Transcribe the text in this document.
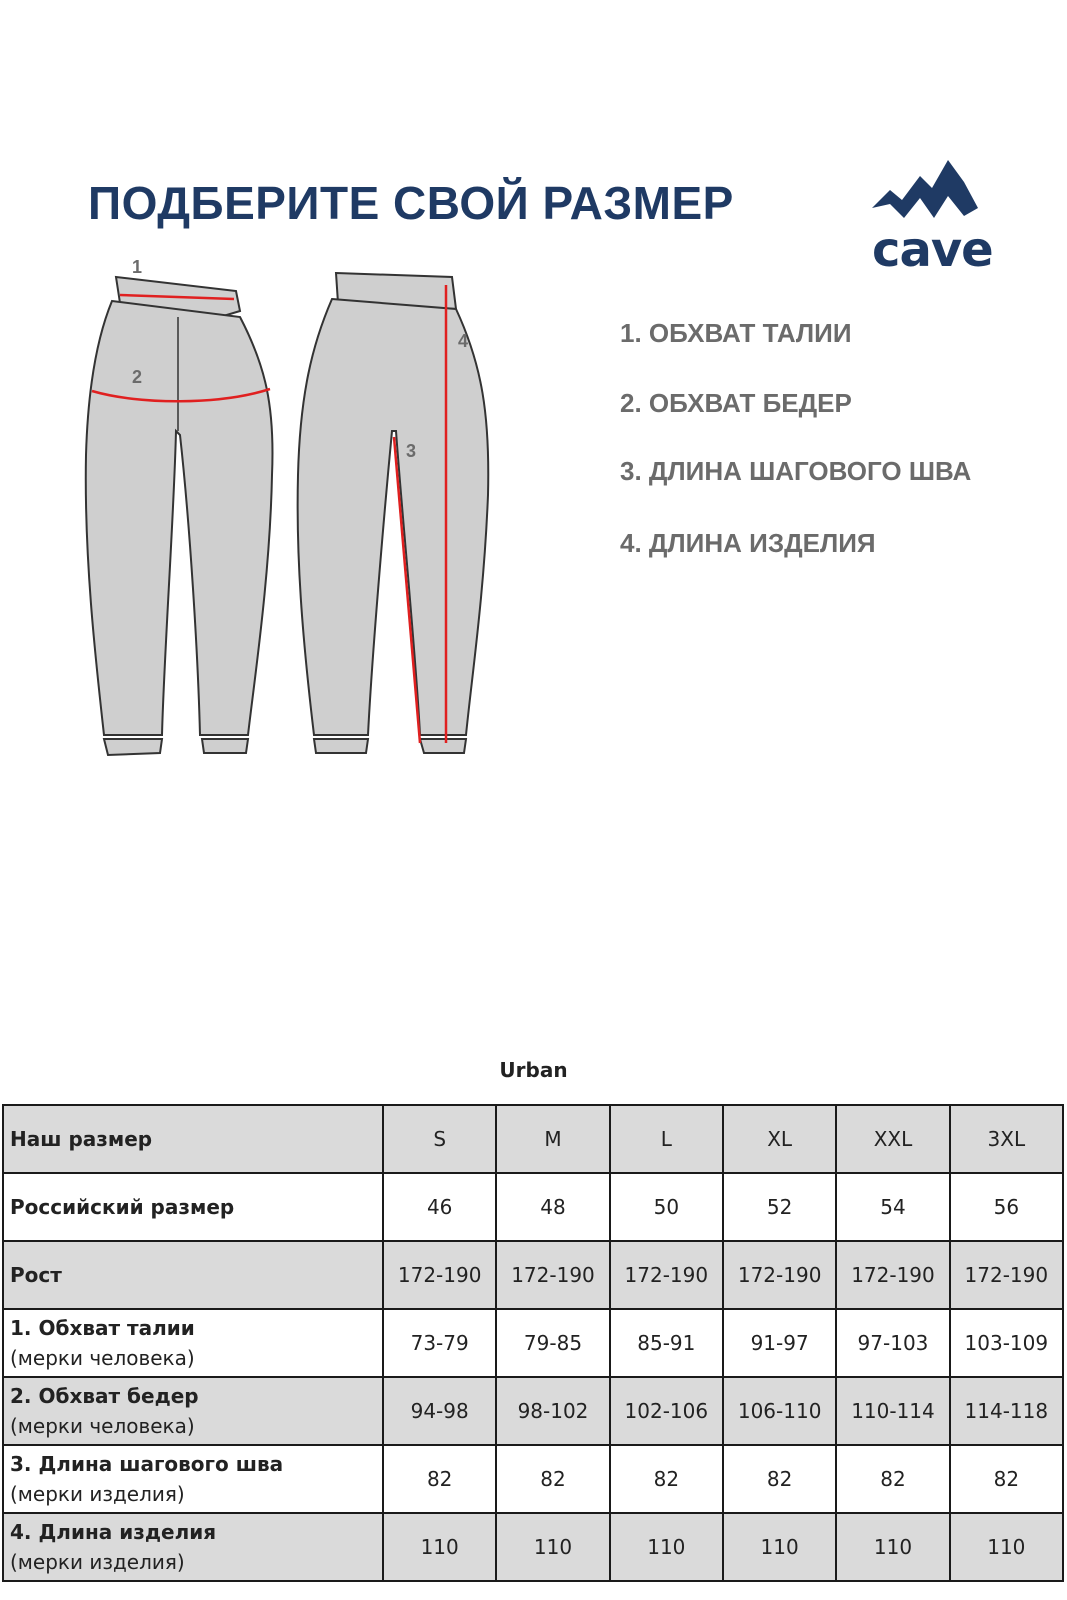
ПОДБЕРИТЕ СВОЙ РАЗМЕР
cave
1
2
4
3
1. ОБХВАТ ТАЛИИ
2. ОБХВАТ БЕДЕР
3. ДЛИНА ШАГОВОГО ШВА
4. ДЛИНА ИЗДЕЛИЯ
Urban
Наш размер	S	M	L	XL	XXL	3XL
Российский размер	46	48	50	52	54	56
Рост	172-190	172-190	172-190	172-190	172-190	172-190
1. Обхват талии
(мерки человека)	73-79	79-85	85-91	91-97	97-103	103-109
2. Обхват бедер
(мерки человека)	94-98	98-102	102-106	106-110	110-114	114-118
3. Длина шагового шва
(мерки изделия)	82	82	82	82	82	82
4. Длина изделия
(мерки изделия)	110	110	110	110	110	110
